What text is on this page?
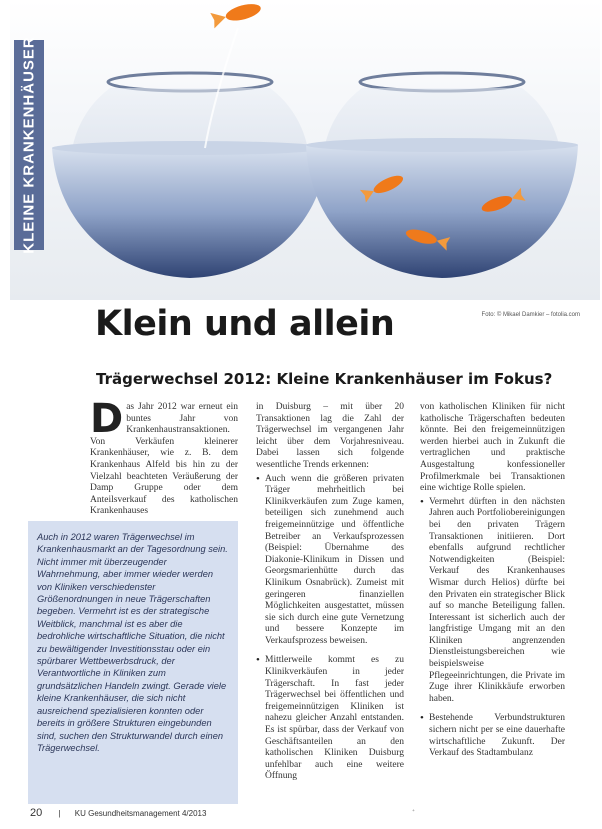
KLEINE KRANKENHÄUSER
Foto: © Mikael Damkier – fotolia.com
Klein und allein
Trägerwechsel 2012: Kleine Krankenhäuser im Fokus?
D as Jahr 2012 war erneut ein buntes Jahr von Krankenhaustransaktionen. Von Verkäufen kleinerer Krankenhäuser, wie z. B. dem Krankenhaus Alfeld bis hin zu der Vielzahl beachteten Veräußerung der Damp Gruppe oder dem Anteilsverkauf des katholischen Krankenhauses

in Duisburg – mit über 20 Transaktionen lag die Zahl der Trägerwechsel im vergangenen Jahr leicht über dem Vorjahresniveau. Dabei lassen sich folgende wesentliche Trends erkennen:

• Auch wenn die größeren privaten Träger mehrheitlich bei Klinikverkäufen zum Zuge kamen, beteiligen sich zunehmend auch freigemeinnützige und öffentliche Betreiber an Verkaufsprozessen (Beispiel: Übernahme des Diakonie-Klinikum in Dissen und Georgsmarienhütte durch das Klinikum Osnabrück). Zumeist mit geringeren finanziellen Möglichkeiten ausgestattet, müssen sie sich durch eine gute Vernetzung und bessere Konzepte im Verkaufsprozess beweisen.
• Mittlerweile kommt es zu Klinikverkäufen in jeder Trägerschaft. In fast jeder Trägerwechsel bei öffentlichen und freigemeinnützigen Kliniken ist nahezu gleicher Anzahl entstanden. Es ist spürbar, dass der Verkauf von Geschäftsanteilen an den katholischen Kliniken Duisburg unfehlbar auch eine weitere Öffnung

von katholischen Kliniken für nicht katholische Trägerschaften bedeuten könnte. Bei den freigemeinnützigen werden hierbei auch in Zukunft die vertraglichen und praktische Ausgestaltung konfessioneller Profilmerkmale bei Transaktionen eine wichtige Rolle spielen.

• Vermehrt dürften in den nächsten Jahren auch Portfoliobereinigungen bei den privaten Trägern Transaktionen initiieren. Dort ebenfalls aufgrund rechtlicher Notwendigkeiten (Beispiel: Verkauf des Krankenhauses Wismar durch Helios) dürfte bei den Privaten ein strategischer Blick auf so manche Beteiligung fallen. Interessant ist sicherlich auch der langfristige Umgang mit an den Kliniken angrenzenden Dienstleistungsbereichen wie beispielsweise Pflegeeinrichtungen, die Private im Zuge ihrer Klinikkäufe erworben haben.
• Bestehende Verbundstrukturen sichern nicht per se eine dauerhafte wirtschaftliche Zukunft. Der Verkauf des Stadtambulanz
Auch in 2012 waren Trägerwechsel im Krankenhausmarkt an der Tagesordnung sein. Nicht immer mit überzeugender Wahrnehmung, aber immer wieder werden von Kliniken verschiedenster Größenordnungen in neue Trägerschaften begeben. Vermehrt ist es der strategische Weitblick, manchmal ist es aber die bedrohliche wirtschaftliche Situation, die nicht zu bewältigender Investitionsstau oder ein spürbarer Wettbewerbsdruck, der Verantwortliche in Kliniken zum grundsätzlichen Handeln zwingt. Gerade viele kleine Krankenhäuser, die sich nicht ausreichend spezialisieren konnten oder bereits in größere Strukturen eingebunden sind, suchen den Strukturwandel durch einen Trägerwechsel.
20 | KU Gesundheitsmanagement 4/2013	+
